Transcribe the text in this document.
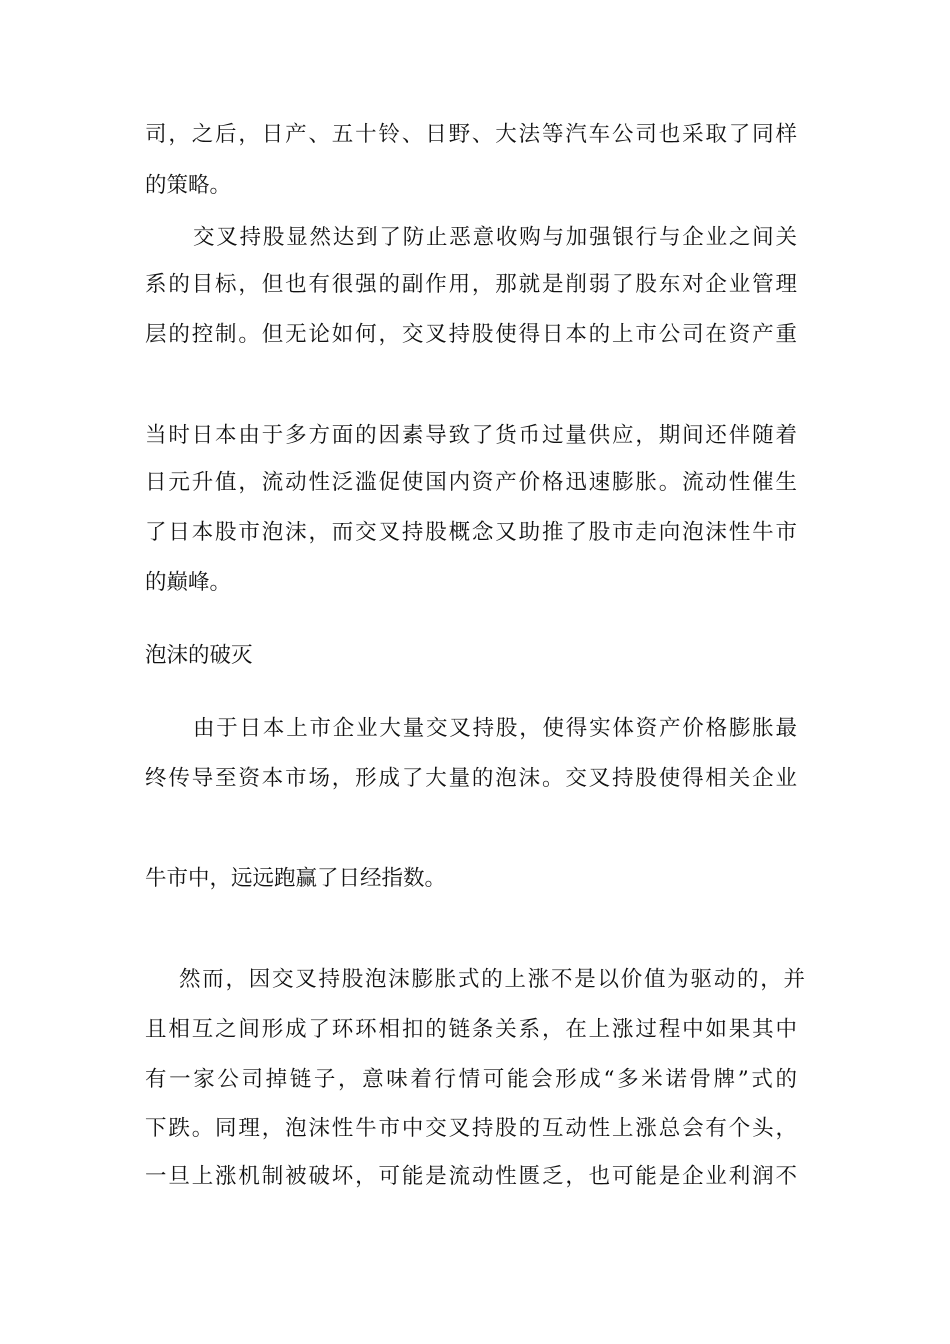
司，之后，日产、五十铃、日野、大法等汽车公司也采取了同样
的策略。
交叉持股显然达到了防止恶意收购与加强银行与企业之间关
系的目标，但也有很强的副作用，那就是削弱了股东对企业管理
层的控制。但无论如何，交叉持股使得日本的上市公司在资产重
当时日本由于多方面的因素导致了货币过量供应，期间还伴随着
日元升值，流动性泛滥促使国内资产价格迅速膨胀。流动性催生
了日本股市泡沫，而交叉持股概念又助推了股市走向泡沫性牛市
的巅峰。
泡沫的破灭
由于日本上市企业大量交叉持股，使得实体资产价格膨胀最
终传导至资本市场，形成了大量的泡沫。交叉持股使得相关企业
牛市中，远远跑赢了日经指数。
然而，因交叉持股泡沫膨胀式的上涨不是以价值为驱动的，并
且相互之间形成了环环相扣的链条关系，在上涨过程中如果其中
有一家公司掉链子，意味着行情可能会形成“多米诺骨牌”式的
下跌。同理，泡沫性牛市中交叉持股的互动性上涨总会有个头，
一旦上涨机制被破坏，可能是流动性匮乏，也可能是企业利润不
